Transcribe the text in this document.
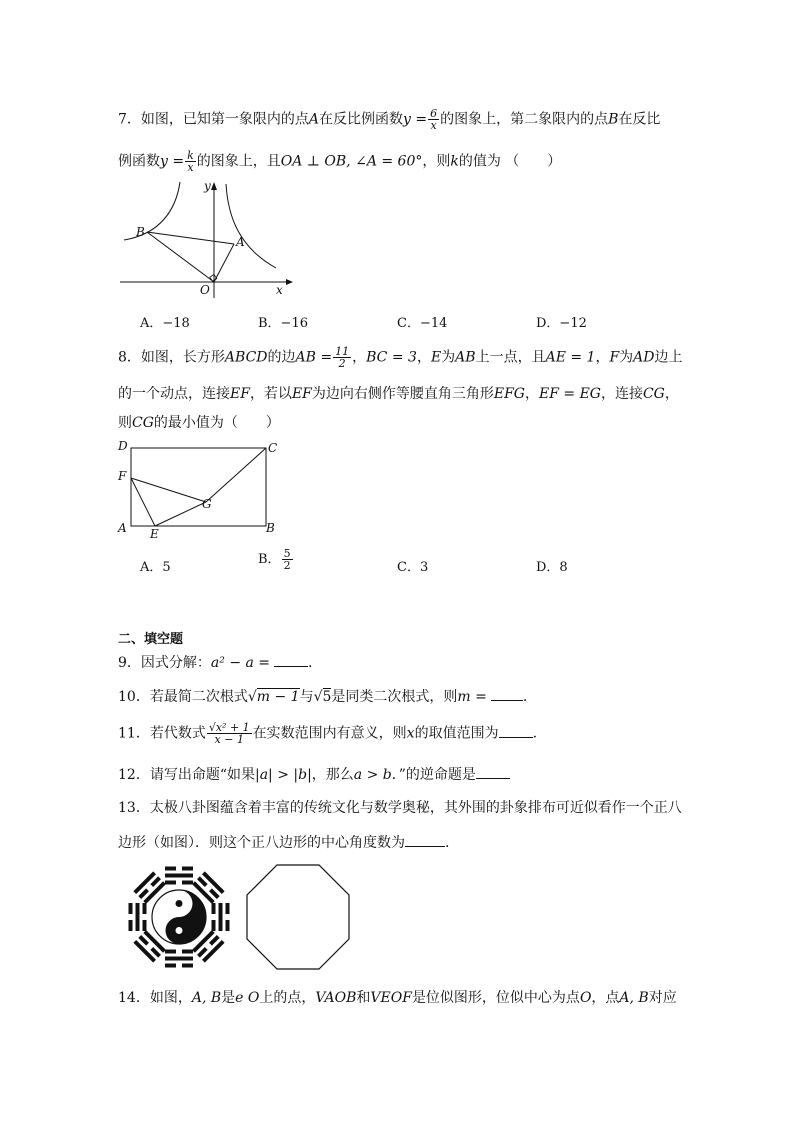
7．如图，已知第一象限内的点A在反比例函数$y = \frac{6}{x}$ 的图象上，第二象限内的点B在反比
例函数$y = \frac{k}{x}$ 的图象上，且OA ⊥ OB, ∠A = 60°，则k的值为 （　　）
y
x
O
A
B
A．−18	B．−16	C．−14	D．−12
8．如图，长方形ABCD的边AB = $\frac{11}{2}$ ，BC = 3，E为AB上一点，且AE = 1，F为AD边上
的一个动点，连接EF，若以EF为边向右侧作等腰直角三角形EFG，EF = EG，连接CG，
则CG的最小值为（　　）
D	C
F
G
A E	B
A．5
B． $\frac{5}{2}$	C．3	D．8
二、填空题
9．因式分解：a² − a =	.
10．若最简二次根式√m − 1与√5是同类二次根式，则m =	.
11．若代数式 $\frac{\text{√x² + 1}}{x - 1}$ 在实数范围内有意义，则x的取值范围为 .
12．请写出命题“如果|a| > |b|，那么a > b．”的逆命题是
13．太极八卦图蕴含着丰富的传统文化与数学奥秘，其外围的卦象排布可近似看作一个正八
边形（如图）．则这个正八边形的中心角度数为	.
14．如图，A, B是e O上的点，VAOB和VEOF是位似图形，位似中心为点O，点A, B对应
